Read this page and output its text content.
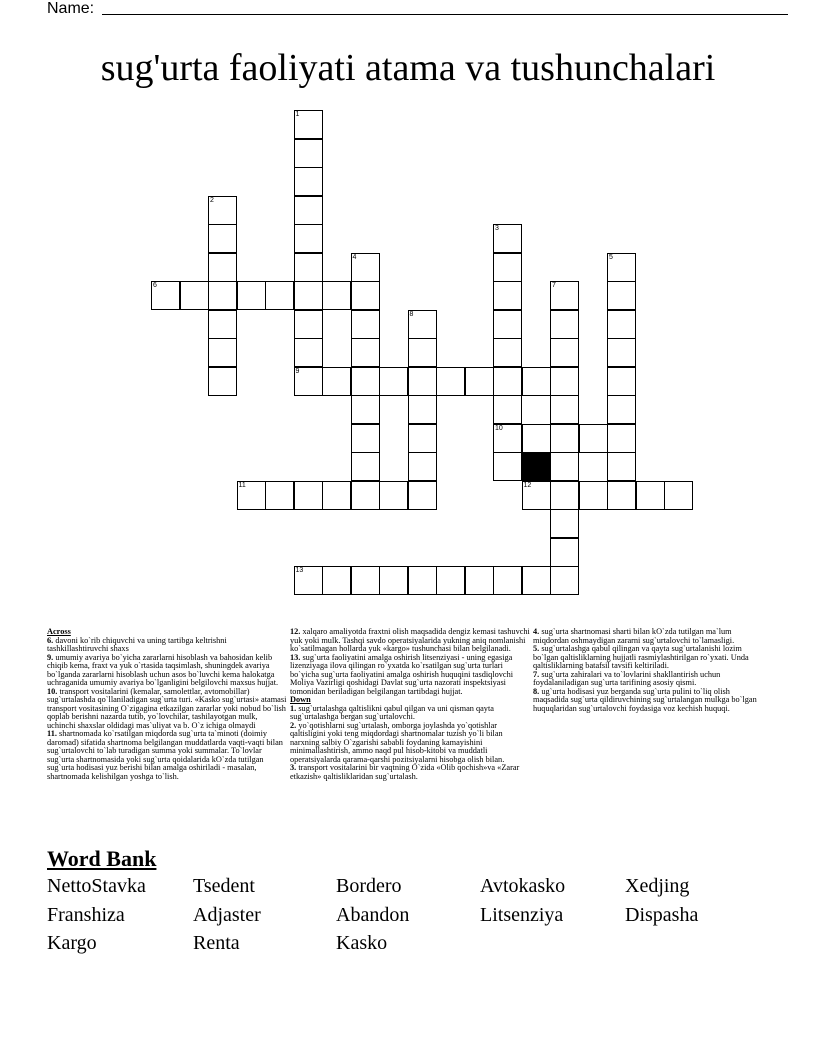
Name:
sug'urta faoliyati atama va tushunchalari
1
9
2
3
10
4	5
6	7
8
11	12
13
Across
6. davoni ko`rib chiquvchi va uning tartibga keltrishni tashkillashtiruvchi shaxs
9. umumiy avariya bo`yicha zararlarni hisoblash va bahosidan kelib chiqib kema, fraxt va yuk o`rtasida taqsimlash, shuningdek avariya bo`lganda zararlarni hisoblash uchun asos bo`luvchi kema halokatga uchraganida umumiy avariya bo`lganligini belgilovchi maxsus hujjat.
10. transport vositalarini (kemalar, samolettlar, avtomobillar) sug`urtalashda qo`llaniladigan sug`urta turi. «Kasko sug`urtasi» atamasi transport vositasining O`zigagina etkazilgan zararlar yoki nobud bo`lish qoplab berishni nazarda tutib, yo`lovchilar, tashilayotgan mulk, uchinchi shaxslar oldidagi mas`uliyat va b. O`z ichiga olmaydi
11. shartnomada ko`rsatilgan miqdorda sug`urta ta`minoti (doimiy daromad) sifatida shartnoma belgilangan muddatlarda vaqti-vaqti bilan sug`urtalovchi to`lab turadigan summa yoki summalar. To`lovlar sug`urta shartnomasida yoki sug`urta qoidalarida kO`zda tutilgan sug`urta hodisasi yuz berishi bilan amalga oshiriladi - masalan, shartnomada kelishilgan yoshga to`lish.
12. xalqaro amaliyotda fraxtni olish maqsadida dengiz kemasi tashuvchi yuk yoki mulk. Tashqi savdo operatsiyalarida yukning aniq nomlanishi ko`satilmagan hollarda yuk «kargo» tushunchasi bilan belgilanadi.
13. sug`urta faoliyatini amalga oshirish litsenziyasi - uning egasiga lizenziyaga ilova qilingan ro`yxatda ko`rsatilgan sug`urta turlari bo`yicha sug`urta faoliyatini amalga oshirish huquqini tasdiqlovchi Moliya Vazirligi qoshidagi Davlat sug`urta nazorati inspektsiyasi tomonidan beriladigan belgilangan tartibdagi hujjat.
Down
1. sug`urtalashga qaltislikni qabul qilgan va uni qisman qayta sug`urtalashga bergan sug`urtalovchi.
2. yo`qotishlarni sug`urtalash, omborga joylashda yo`qotishlar qaltisligini yoki teng miqdordagi shartnomalar tuzish yo`li bilan narxning salbiy O`zgarishi sababli foydaning kamayishini minimallashtirish, ammo naqd pul hisob-kitobi va muddatli operatsiyalarda qarama-qarshi pozitsiyalarni hisobga olish bilan.
3. transport vositalarini bir vaqtning O`zida «Olib qochish»va «Zarar etkazish» qaltisliklaridan sug`urtalash.
4. sug`urta shartnomasi sharti bilan kO`zda tutilgan ma`lum miqdordan oshmaydigan zararni sug`urtalovchi to`lamasligi.
5. sug`urtalashga qabul qilingan va qayta sug`urtalanishi lozim bo`lgan qaltisliklarning hujjatli rasmiylashtirilgan ro`yxati. Unda qaltisliklarning batafsil tavsifi keltiriladi.
7. sug`urta zahiralari va to`lovlarini shakllantirish uchun foydalaniladigan sug`urta tarifining asosiy qismi.
8. ug`urta hodisasi yuz berganda sug`urta pulini to`liq olish maqsadida sug`urta qildiruvchining sug`urtalangan mulkga bo`lgan huquqlaridan sug`urtalovchi foydasiga voz kechish huquqi.
Word Bank
NettoStavka Tsedent	Bordero	Avtokasko	Xedjing
Franshiza	Adjaster	Abandon	Litsenziya	Dispasha
Kargo	Renta	Kasko
